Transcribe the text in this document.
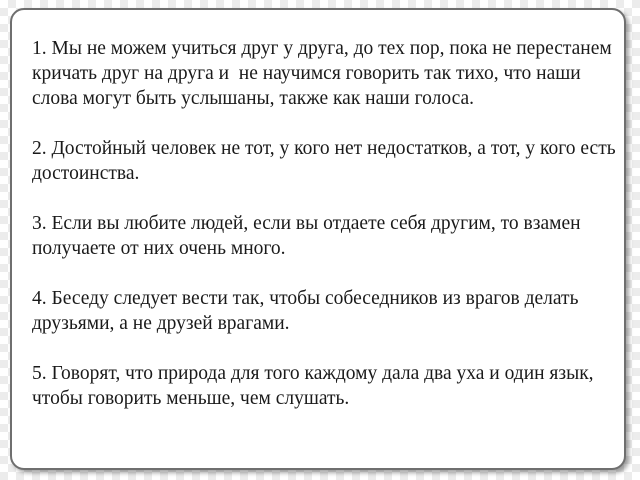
1. Мы не можем учиться друг у друга, до тех пор, пока не перестанем кричать друг на друга и  не научимся говорить так тихо, что наши слова могут быть услышаны, также как наши голоса.

2. Достойный человек не тот, у кого нет недостатков, а тот, у кого есть достоинства.

3. Если вы любите людей, если вы отдаете себя другим, то взамен получаете от них очень много.

4. Беседу следует вести так, чтобы собеседников из врагов делать друзьями, а не друзей врагами.

5. Говорят, что природа для того каждому дала два уха и один язык, чтобы говорить меньше, чем слушать.
